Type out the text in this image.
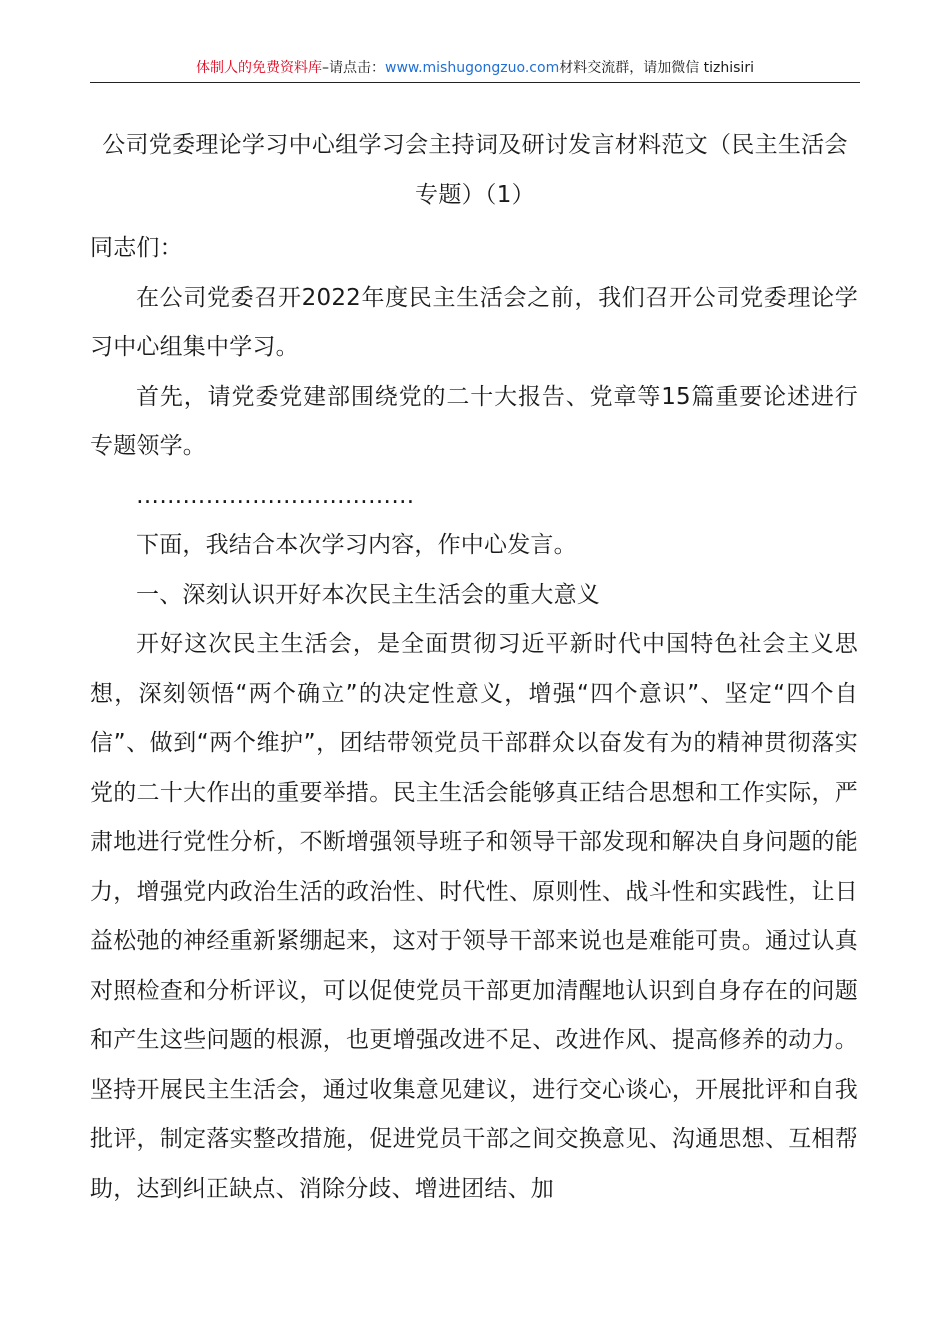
体制人的免费资料库–请点击：www.mishugongzuo.com材料交流群，请加微信 tizhisiri
公司党委理论学习中心组学习会主持词及研讨发言材料范文（民主生活会
专题）（1）

同志们：

在公司党委召开2022年度民主生活会之前，我们召开公司党委理论学习中心组集中学习。

首先，请党委党建部围绕党的二十大报告、党章等15篇重要论述进行专题领学。

………………………………

下面，我结合本次学习内容，作中心发言。

一、深刻认识开好本次民主生活会的重大意义

开好这次民主生活会，是全面贯彻习近平新时代中国特色社会主义思想，深刻领悟“两个确立”的决定性意义，增强“四个意识”、坚定“四个自信”、做到“两个维护”，团结带领党员干部群众以奋发有为的精神贯彻落实党的二十大作出的重要举措。民主生活会能够真正结合思想和工作实际，严肃地进行党性分析，不断增强领导班子和领导干部发现和解决自身问题的能力，增强党内政治生活的政治性、时代性、原则性、战斗性和实践性，让日益松弛的神经重新紧绷起来，这对于领导干部来说也是难能可贵。通过认真对照检查和分析评议，可以促使党员干部更加清醒地认识到自身存在的问题和产生这些问题的根源，也更增强改进不足、改进作风、提高修养的动力。坚持开展民主生活会，通过收集意见建议，进行交心谈心，开展批评和自我批评，制定落实整改措施，促进党员干部之间交换意见、沟通思想、互相帮助，达到纠正缺点、消除分歧、增进团结、加
